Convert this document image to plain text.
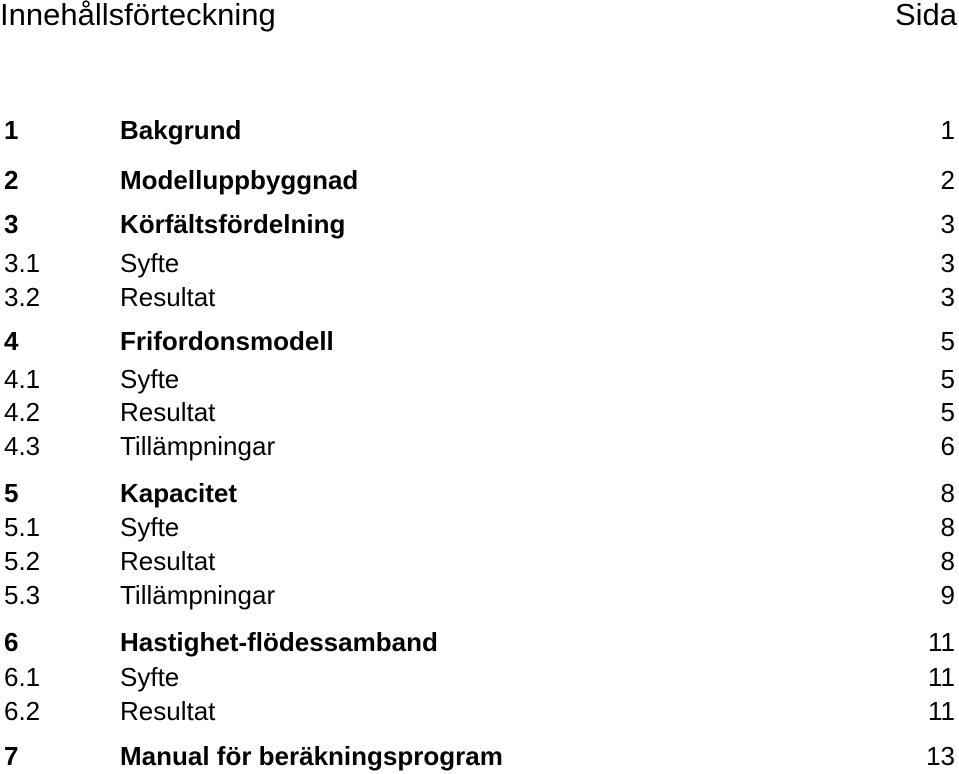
Innehållsförteckning	Sida
1	Bakgrund	1
2	Modelluppbyggnad	2
3	Körfältsfördelning	3
3.1	Syfte	3
3.2	Resultat	3
4	Frifordonsmodell	5
4.1	Syfte	5
4.2	Resultat	5
4.3	Tillämpningar	6
5	Kapacitet	8
5.1	Syfte	8
5.2	Resultat	8
5.3	Tillämpningar	9
6	Hastighet-flödessamband	11
6.1	Syfte	11
6.2	Resultat	11
7	Manual för beräkningsprogram	13
